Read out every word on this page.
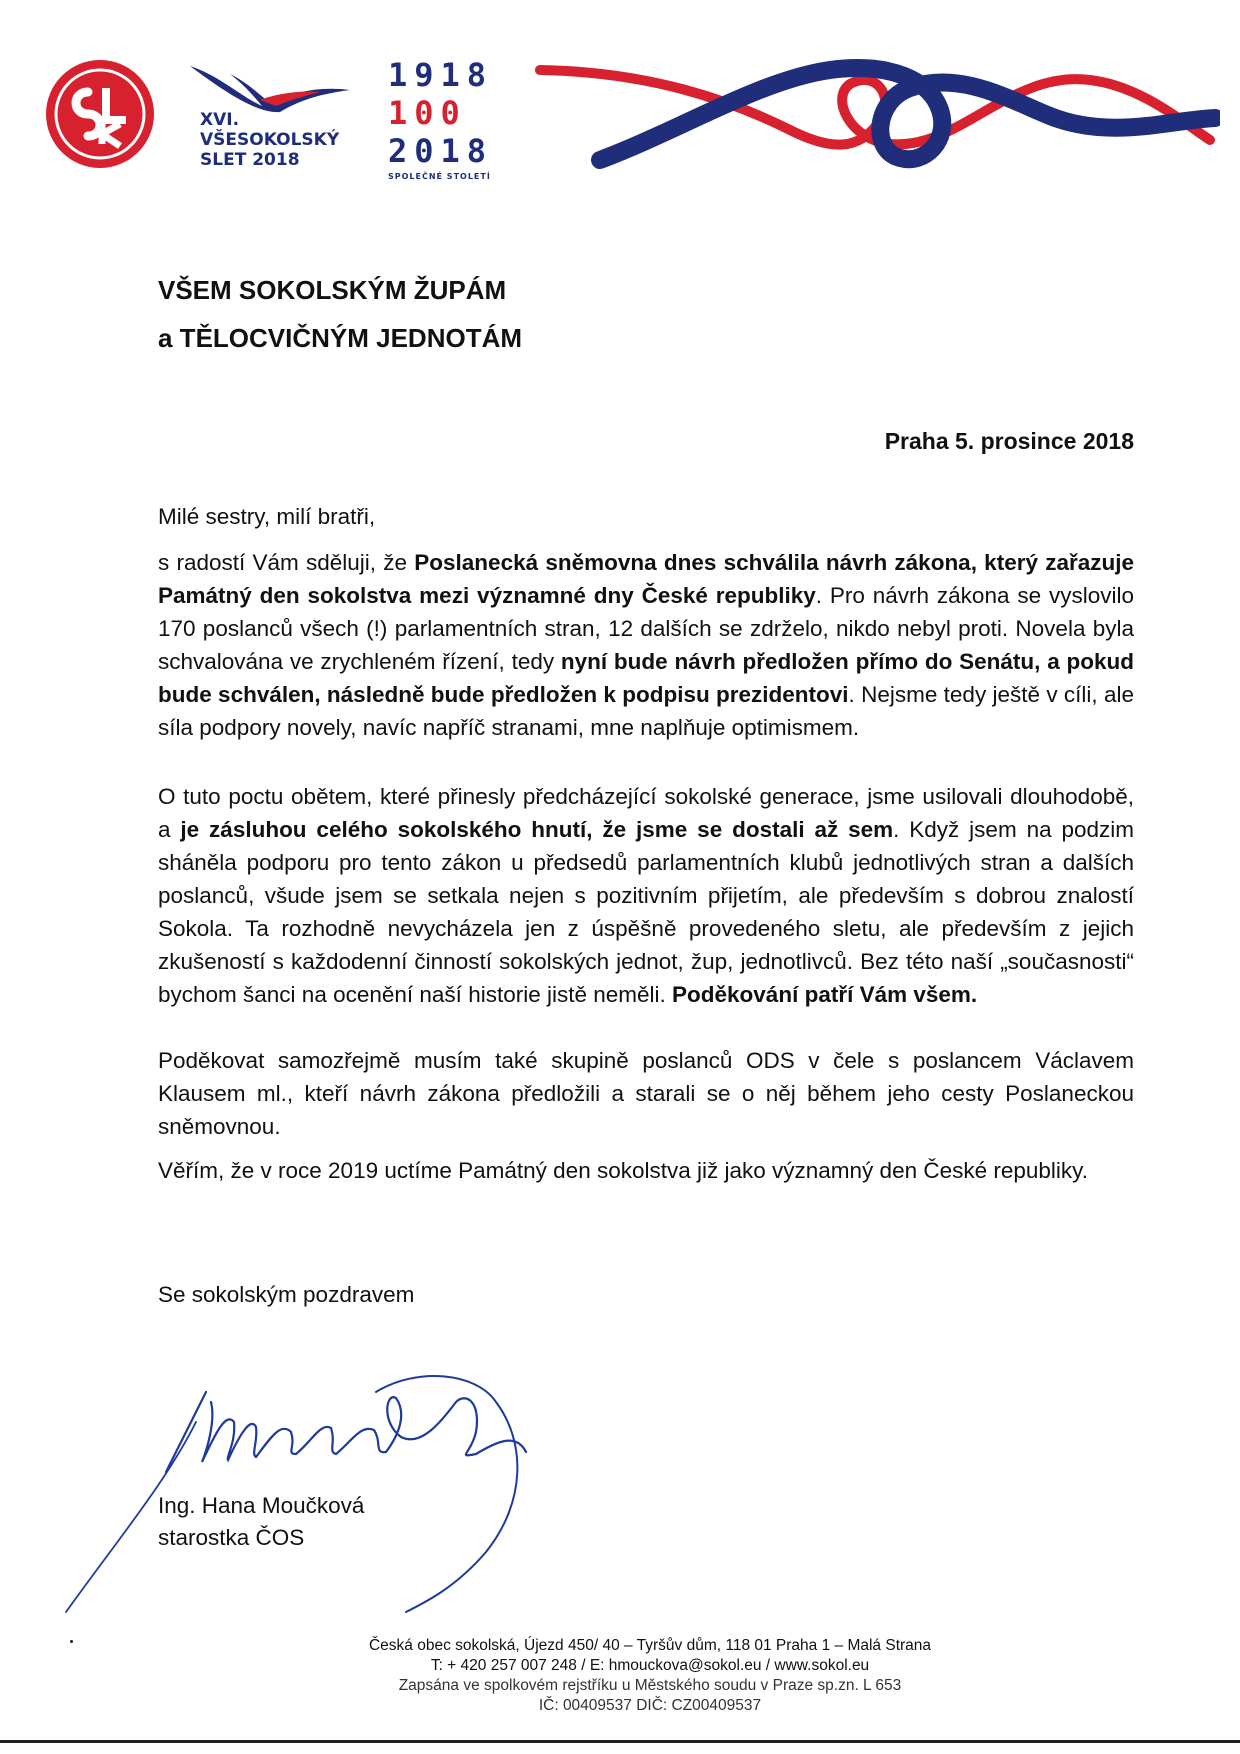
XVI.
VŠESOKOLSKÝ
SLET 2018
1918
100
2018
SPOLEČNÉ STOLETÍ
VŠEM SOKOLSKÝM ŽUPÁM
a TĚLOCVIČNÝM JEDNOTÁM
Praha 5. prosince 2018
Milé sestry, milí bratři,
s radostí Vám sděluji, že Poslanecká sněmovna dnes schválila návrh zákona, který zařazuje Památný den sokolstva mezi významné dny České republiky. Pro návrh zákona se vyslovilo 170 poslanců všech (!) parlamentních stran, 12 dalších se zdrželo, nikdo nebyl proti. Novela byla schvalována ve zrychleném řízení, tedy nyní bude návrh předložen přímo do Senátu, a pokud bude schválen, následně bude předložen k podpisu prezidentovi. Nejsme tedy ještě v cíli, ale síla podpory novely, navíc napříč stranami, mne naplňuje optimismem.
O tuto poctu obětem, které přinesly předcházející sokolské generace, jsme usilovali dlouhodobě, a je zásluhou celého sokolského hnutí, že jsme se dostali až sem. Když jsem na podzim sháněla podporu pro tento zákon u předsedů parlamentních klubů jednotlivých stran a dalších poslanců, všude jsem se setkala nejen s pozitivním přijetím, ale především s dobrou znalostí Sokola. Ta rozhodně nevycházela jen z úspěšně provedeného sletu, ale především z jejich zkušeností s každodenní činností sokolských jednot, žup, jednotlivců. Bez této naší „současnosti“ bychom šanci na ocenění naší historie jistě neměli. Poděkování patří Vám všem.
Poděkovat samozřejmě musím také skupině poslanců ODS v čele s poslancem Václavem Klausem ml., kteří návrh zákona předložili a starali se o něj během jeho cesty Poslaneckou sněmovnou.
Věřím, že v roce 2019 uctíme Památný den sokolstva již jako významný den České republiky.
Se sokolským pozdravem
Ing. Hana Moučková
starostka ČOS
Česká obec sokolská, Újezd 450/ 40 – Tyršův dům, 118 01 Praha 1 – Malá Strana
T: + 420 257 007 248 / E: hmouckova@sokol.eu / www.sokol.eu
Zapsána ve spolkovém rejstříku u Městského soudu v Praze sp.zn. L 653
IČ: 00409537 DIČ: CZ00409537
